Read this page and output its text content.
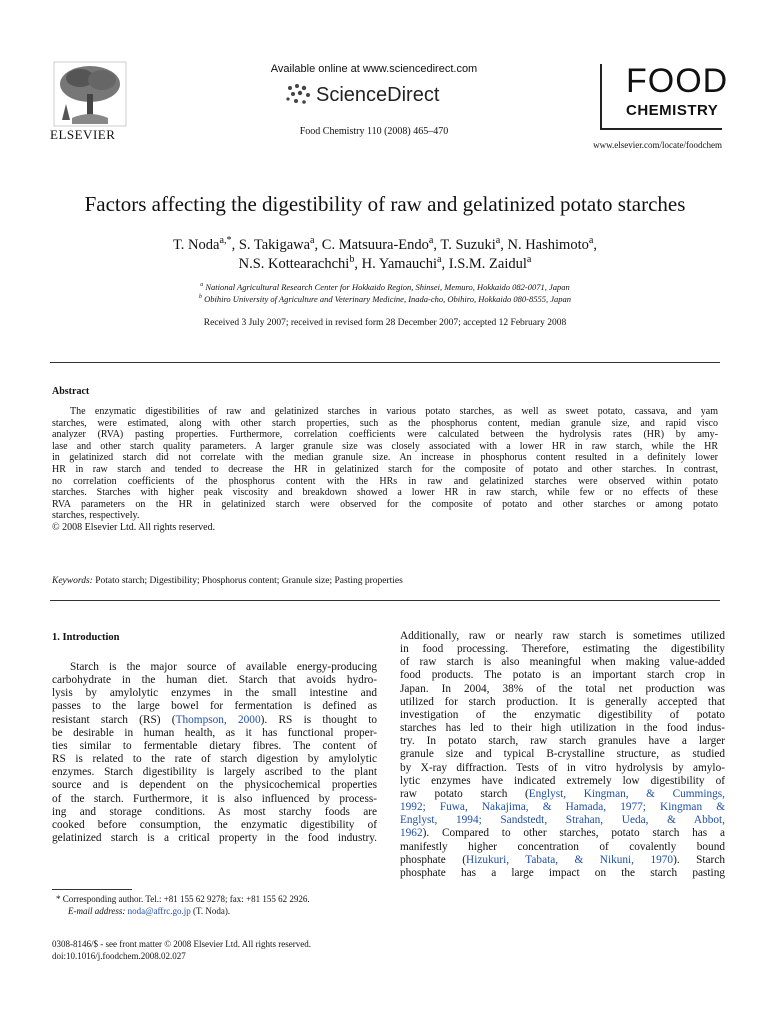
ELSEVIER
Available online at www.sciencedirect.com
ScienceDirect
Food Chemistry 110 (2008) 465–470
FOOD
CHEMISTRY
www.elsevier.com/locate/foodchem
Factors affecting the digestibility of raw and gelatinized potato starches
T. Noda$^{a,*}$, S. Takigawa$^a$, C. Matsuura-Endo$^a$, T. Suzuki$^a$, N. Hashimoto$^a$,
N.S. Kottearachchi$^b$, H. Yamauchi$^a$, I.S.M. Zaidul$^a$
$^a$ National Agricultural Research Center for Hokkaido Region, Shinsei, Memuro, Hokkaido 082-0071, Japan
$^b$ Obihiro University of Agriculture and Veterinary Medicine, Inada-cho, Obihiro, Hokkaido 080-8555, Japan
Received 3 July 2007; received in revised form 28 December 2007; accepted 12 February 2008
Abstract
The enzymatic digestibilities of raw and gelatinized starches in various potato starches, as well as sweet potato, cassava, and yam
starches, were estimated, along with other starch properties, such as the phosphorus content, median granule size, and rapid visco
analyzer (RVA) pasting properties. Furthermore, correlation coefficients were calculated between the hydrolysis rates (HR) by amy-
lase and other starch quality parameters. A larger granule size was closely associated with a lower HR in raw starch, while the HR
in gelatinized starch did not correlate with the median granule size. An increase in phosphorus content resulted in a definitely lower
HR in raw starch and tended to decrease the HR in gelatinized starch for the composite of potato and other starches. In contrast,
no correlation coefficients of the phosphorus content with the HRs in raw and gelatinized starches were observed within potato
starches. Starches with higher peak viscosity and breakdown showed a lower HR in raw starch, while few or no effects of these
RVA parameters on the HR in gelatinized starch were observed for the composite of potato and other starches or among potato
starches, respectively.
© 2008 Elsevier Ltd. All rights reserved.
Keywords: Potato starch; Digestibility; Phosphorus content; Granule size; Pasting properties
1. Introduction
Starch is the major source of available energy-producing
carbohydrate in the human diet. Starch that avoids hydro-
lysis by amylolytic enzymes in the small intestine and
passes to the large bowel for fermentation is defined as
resistant starch (RS) (Thompson, 2000). RS is thought to
be desirable in human health, as it has functional proper-
ties similar to fermentable dietary fibres. The content of
RS is related to the rate of starch digestion by amylolytic
enzymes. Starch digestibility is largely ascribed to the plant
source and is dependent on the physicochemical properties
of the starch. Furthermore, it is also influenced by process-
ing and storage conditions. As most starchy foods are
cooked before consumption, the enzymatic digestibility of
gelatinized starch is a critical property in the food industry.
* Corresponding author. Tel.: +81 155 62 9278; fax: +81 155 62 2926.
E-mail address: noda@affrc.go.jp (T. Noda).
0308-8146/$ - see front matter © 2008 Elsevier Ltd. All rights reserved.
doi:10.1016/j.foodchem.2008.02.027
Additionally, raw or nearly raw starch is sometimes utilized
in food processing. Therefore, estimating the digestibility
of raw starch is also meaningful when making value-added
food products. The potato is an important starch crop in
Japan. In 2004, 38% of the total net production was
utilized for starch production. It is generally accepted that
investigation of the enzymatic digestibility of potato
starches has led to their high utilization in the food indus-
try. In potato starch, raw starch granules have a larger
granule size and typical B-crystalline structure, as studied
by X-ray diffraction. Tests of in vitro hydrolysis by amylo-
lytic enzymes have indicated extremely low digestibility of
raw potato starch (Englyst, Kingman, & Cummings,
1992; Fuwa, Nakajima, & Hamada, 1977; Kingman &
Englyst, 1994; Sandstedt, Strahan, Ueda, & Abbot,
1962). Compared to other starches, potato starch has a
manifestly higher concentration of covalently bound
phosphate (Hizukuri, Tabata, & Nikuni, 1970). Starch
phosphate has a large impact on the starch pasting
